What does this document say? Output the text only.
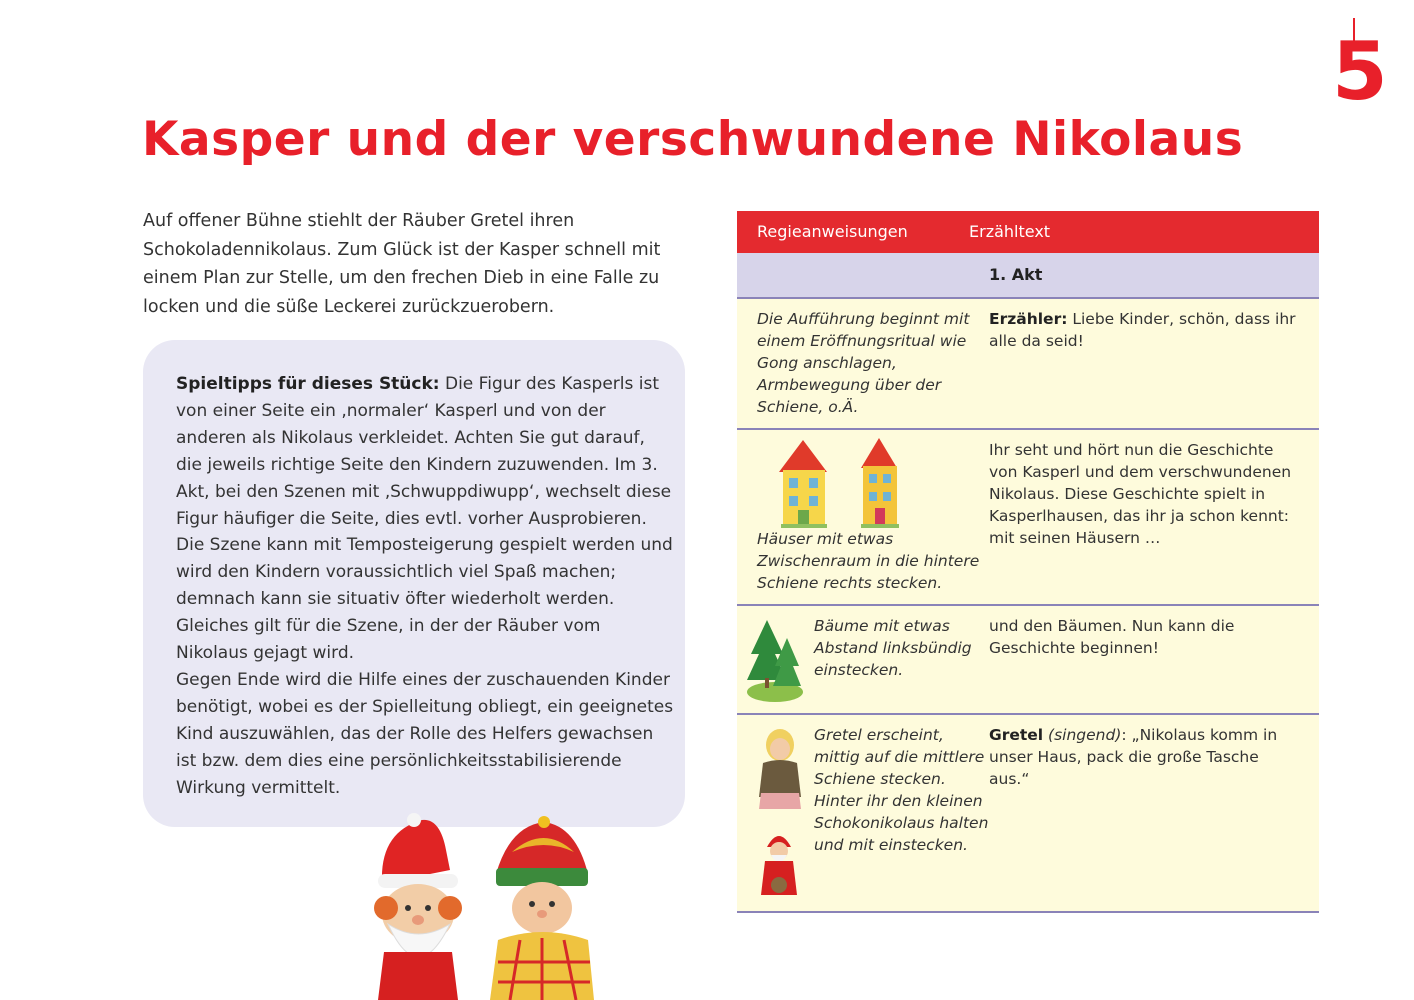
5
Kasper und der verschwundene Nikolaus

Auf offener Bühne stiehlt der Räuber Gretel ihren Schokoladennikolaus. Zum Glück ist der Kasper schnell mit einem Plan zur Stelle, um den frechen Dieb in eine Falle zu locken und die süße Leckerei zurückzuerobern.

Spieltipps für dieses Stück: Die Figur des Kasperls ist von einer Seite ein ‚normaler‘ Kasperl und von der anderen als Nikolaus verkleidet. Achten Sie gut darauf, die jeweils richtige Seite den Kindern zuzuwenden. Im 3. Akt, bei den Szenen mit ‚Schwuppdiwupp‘, wechselt diese Figur häufiger die Seite, dies evtl. vorher Ausprobieren. Die Szene kann mit Temposteigerung gespielt werden und wird den Kindern voraussichtlich viel Spaß machen; demnach kann sie situativ öfter wiederholt werden. Gleiches gilt für die Szene, in der der Räuber vom Nikolaus gejagt wird.
Gegen Ende wird die Hilfe eines der zuschauenden Kinder benötigt, wobei es der Spielleitung obliegt, ein geeignetes Kind auszuwählen, das der Rolle des Helfers gewachsen ist bzw. dem dies eine persönlichkeitsstabilisierende Wirkung vermittelt.
Regieanweisungen	Erzähltext
1. Akt
Die Aufführung beginnt mit einem Eröffnungsritual wie Gong anschlagen, Armbewegung über der Schiene, o.Ä.
Erzähler: Liebe Kinder, schön, dass ihr alle da seid!
Häuser mit etwas Zwischenraum in die hintere Schiene rechts stecken.
Ihr seht und hört nun die Geschichte von Kasperl und dem verschwundenen Nikolaus. Diese Geschichte spielt in Kasperlhausen, das ihr ja schon kennt: mit seinen Häusern …
Bäume mit etwas Abstand linksbündig einstecken.
und den Bäumen. Nun kann die Geschichte beginnen!
Gretel erscheint, mittig auf die mittlere Schiene stecken. Hinter ihr den kleinen Schokonikolaus halten und mit einstecken.
Gretel (singend): „Nikolaus komm in unser Haus, pack die große Tasche aus.“
